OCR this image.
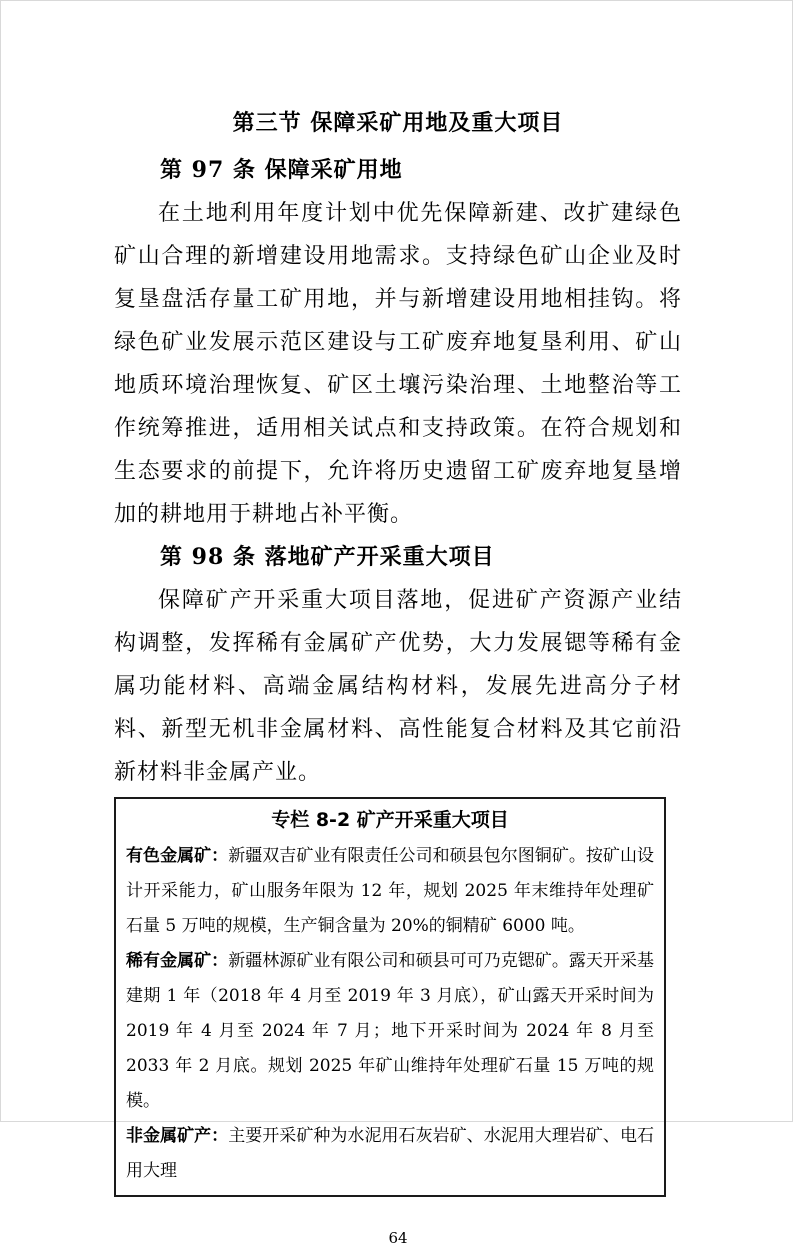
第三节 保障采矿用地及重大项目
第 97 条 保障采矿用地

在土地利用年度计划中优先保障新建、改扩建绿色矿山合理的新增建设用地需求。支持绿色矿山企业及时复垦盘活存量工矿用地，并与新增建设用地相挂钩。将绿色矿业发展示范区建设与工矿废弃地复垦利用、矿山地质环境治理恢复、矿区土壤污染治理、土地整治等工作统筹推进，适用相关试点和支持政策。在符合规划和生态要求的前提下，允许将历史遗留工矿废弃地复垦增加的耕地用于耕地占补平衡。

第 98 条 落地矿产开采重大项目

保障矿产开采重大项目落地，促进矿产资源产业结构调整，发挥稀有金属矿产优势，大力发展锶等稀有金属功能材料、高端金属结构材料，发展先进高分子材料、新型无机非金属材料、高性能复合材料及其它前沿新材料非金属产业。

专栏 8-2 矿产开采重大项目

有色金属矿：新疆双吉矿业有限责任公司和硕县包尔图铜矿。按矿山设计开采能力，矿山服务年限为 12 年，规划 2025 年末维持年处理矿石量 5 万吨的规模，生产铜含量为 20%的铜精矿 6000 吨。

稀有金属矿：新疆林源矿业有限公司和硕县可可乃克锶矿。露天开采基建期 1 年（2018 年 4 月至 2019 年 3 月底），矿山露天开采时间为 2019 年 4 月至 2024 年 7 月；地下开采时间为 2024 年 8 月至 2033 年 2 月底。规划 2025 年矿山维持年处理矿石量 15 万吨的规模。

非金属矿产：主要开采矿种为水泥用石灰岩矿、水泥用大理岩矿、电石用大理

64
